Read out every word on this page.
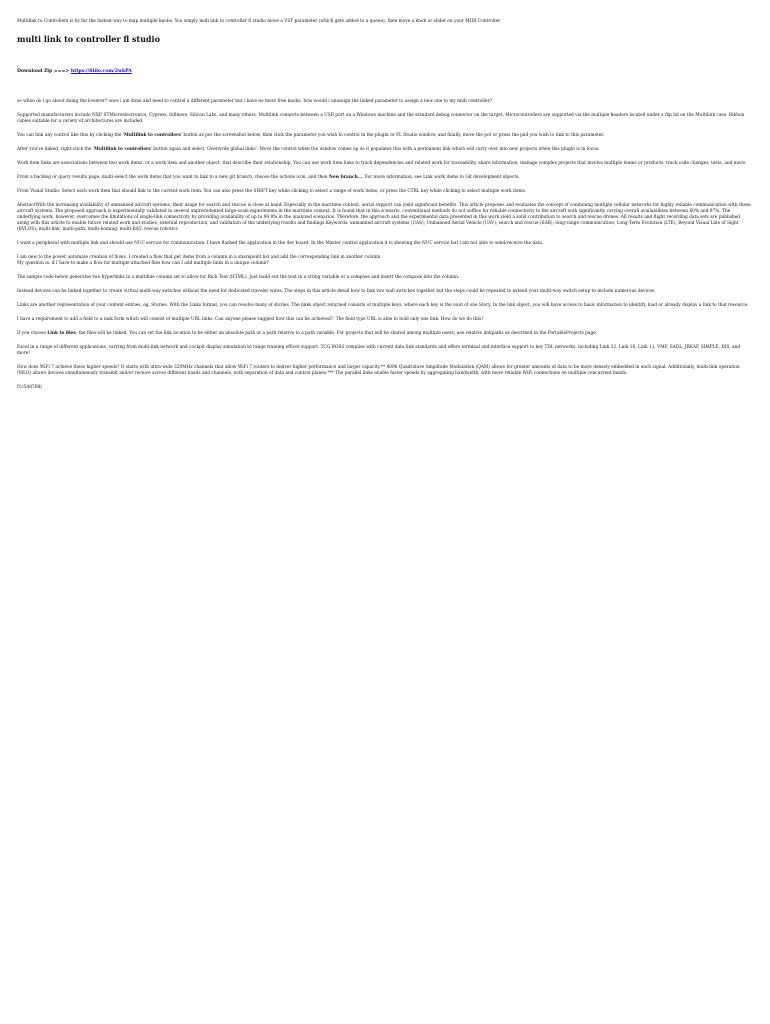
Multilink to Controllers is by far the fastest way to map multiple knobs. You simply midi link to controller fl studio move a VST parameter (which gets added to a queue), then move a knob or slider on your MIDI Controller.

multi link to controller fl studio

Download Zip ===> https://fililo.com/2wkPA

so whoe do i go about doing the lowerer? once i am done and need to control a different parameter but i have no more free knobs, how would i unassign the linked parameter to assign a new one to my midi controller?

Supported manufacturers include NXP, STMicroelectronics, Cypress, Infineon, Silicon Labs, and many others. Multilink connects between a USB port on a Windows machine and the standard debug connector on the target. Microcontrollers are supported via the multiple headers located under a flip lid on the Multilink case. Ribbon cables suitable for a variety of architectures are included.

You can link any control like this by clicking the 'Multilink to controllers' button as per the screenshot below, then click the parameter you wish to control in the plugin or FL Studio window, and finally, move the pot or press the pad you wish to link to this parameter.

After you've linked, right-click the 'Multilink to controllers' button again and select 'Overwrite global links'. Move the control when the window comes up so it populates this with a permanent link which will carry over into new projects when this plugin is in focus.

Work item links are associations between two work items, or a work item and another object, that describe their relationship. You can use work item links to track dependencies and related work for traceability, share information, manage complex projects that involve multiple teams or products, track code changes, tests, and more.

From a backlog or query results page, multi-select the work items that you want to link to a new git branch, choose the actions icon, and then New branch.... For more information, see Link work items to Git development objects.

From Visual Studio: Select each work item that should link to the current work item. You can also press the SHIFT key while clicking to select a range of work items, or press the CTRL key while clicking to select multiple work items.

AbstractWith the increasing availability of unmanned aircraft systems, their usage for search and rescue is close at hand. Especially in the maritime context, aerial support can yield significant benefits. This article proposes and evaluates the concept of combining multiple cellular networks for highly reliable communication with these aircraft systems. The proposed approach is experimentally validated in several unprecedented large-scale experiments in the maritime context. It is found that in this scenario, conventional methods do not suffice for reliable connectivity to the aircraft with significantly varying overall availabilities between 60% and 97%. The underlying work, however, overcomes the limitations of single-link connectivity by providing availability of up to 99.8% in the analyzed scenarios. Therefore, the approach and the experimental data presented in this work yield a solid contribution to search and rescue drones. All results and flight recording data sets are published along with this article to enable future related work and studies, external reproduction, and validation of the underlying results and findings.Keywords: unmanned aircraft systems (UAS); Unmanned Aerial Vehicle (UAV); search and rescue (SAR); long-range communication; Long-Term Evolution (LTE); Beyond Visual Line of Sight (BVLOS); multi-link; multi-path; multi-homing; multi-RAT; rescue robotics

I want a peripheral with multiple link and should use NUC service for communication. I have flashed the application in the dev board. In the Master control application it is showing the NUC service but i am not able to send/receive the data.

I am new to the power automate creation of flows. I created a flow that get items from a column in a sharepoint list and add the corresponding link in another column.

My question is: if I have to make a flow for multiple attached files how can I add multiple links in a unique column?

The sample code below generates two hyperlinks in a multiline column set to allow for Rich Text (HTML). Just build out the text in a string variable or a compose and insert the compose into the column.

Instead devices can be linked together to create virtual multi-way switches without the need for dedicated traveler wires. The steps in this article detail how to link two wall switches together but the steps could be repeated to extend your multi-way switch setup to include numerous devices.

Links are another representation of your content entries, eg. Stories. With the Links format, you can resolve many of stories. The links object returned consists of multiple keys, where each key is the uuid of one Story. In the link object, you will have access to basic information to identify, load or already display a link to that resource.

I have a requirement to add a field to a task form which will consist of multiple URL links. Can anyone please suggest how this can be achieved?. The field type URL is able to hold only one link. How do we do this?

If you choose Link to files, the files will be linked. You can set the link location to be either an absolute path or a path relative to a path variable. For projects that will be shared among multiple users, use relative linkpaths as described in the PortableProjects page.

Excel in a range of different applications, varying from multi-link network and cockpit display simulation to range training officer support. TCG BOSS complies with current data link standards and offers terminal and interface support to key TDL networks, including Link 22, Link 16, Link 11, VMF, SADL, JREAP, SIMPLE, DIS, and more!

How does WiFi 7 achieve these higher speeds? It starts with ultra-wide 320MHz channels that allow WiFi 7 routers to deliver higher performance and larger capacity.** 4096 Quadrature Amplitude Modulation (QAM) allows for greater amounts of data to be more densely embedded in each signal. Additionally, multi-link operation (MLO) allows devices simultaneously transmit and/or receive across different bands and channels, with separation of data and control planes.*** The parallel links enable faster speeds by aggregating bandwidth, with more reliable WiFi connections on multiple concurrent bands.

f1c5487f8b
